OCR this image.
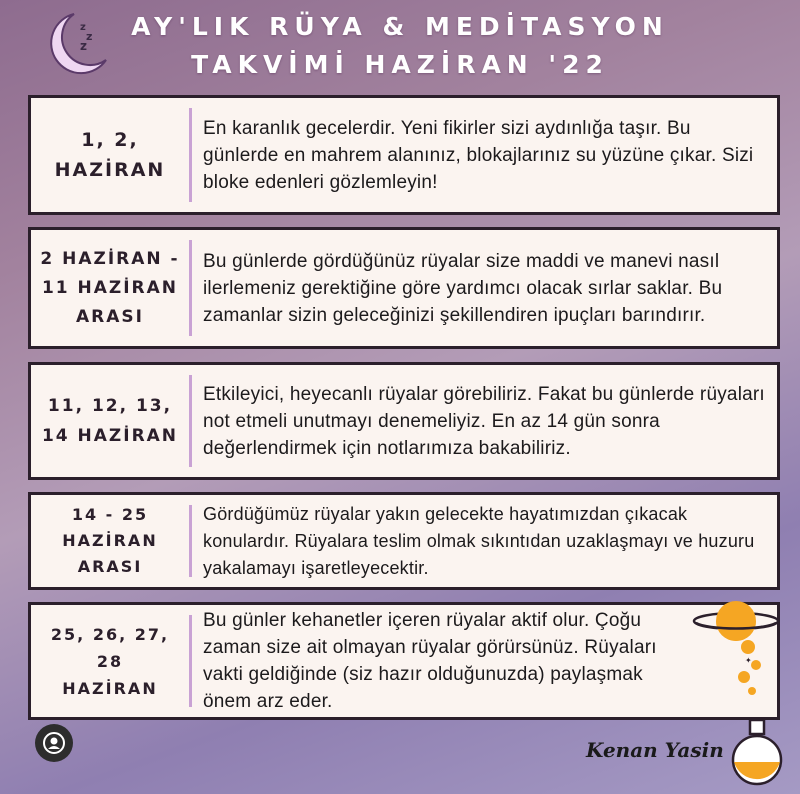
z
z
z
AY'LIK RÜYA & MEDİTASYON
TAKVİMİ HAZİRAN '22
1, 2,
HAZİRAN
En karanlık gecelerdir. Yeni fikirler sizi aydınlığa taşır. Bu günlerde en mahrem alanınız, blokajlarınız su yüzüne çıkar. Sizi bloke edenleri gözlemleyin!
2 HAZİRAN -
11 HAZİRAN
ARASI
Bu günlerde gördüğünüz rüyalar size maddi ve manevi nasıl ilerlemeniz gerektiğine göre yardımcı olacak sırlar saklar. Bu zamanlar sizin geleceğinizi şekillendiren ipuçları barındırır.
11, 12, 13,
14 HAZİRAN
Etkileyici, heyecanlı rüyalar görebiliriz. Fakat bu günlerde rüyaları not etmeli unutmayı denemeliyiz. En az 14 gün sonra değerlendirmek için notlarımıza bakabiliriz.
14 - 25
HAZİRAN
ARASI
Gördüğümüz rüyalar yakın gelecekte hayatımızdan çıkacak konulardır. Rüyalara teslim olmak sıkıntıdan uzaklaşmayı ve huzuru yakalamayı işaretleyecektir.
25, 26, 27,
28
HAZİRAN
Bu günler kehanetler içeren rüyalar aktif olur. Çoğu zaman size ait olmayan rüyalar görürsünüz. Rüyaları vakti geldiğinde (siz hazır olduğunuzda) paylaşmak önem arz eder.
✦
Kenan Yasin
